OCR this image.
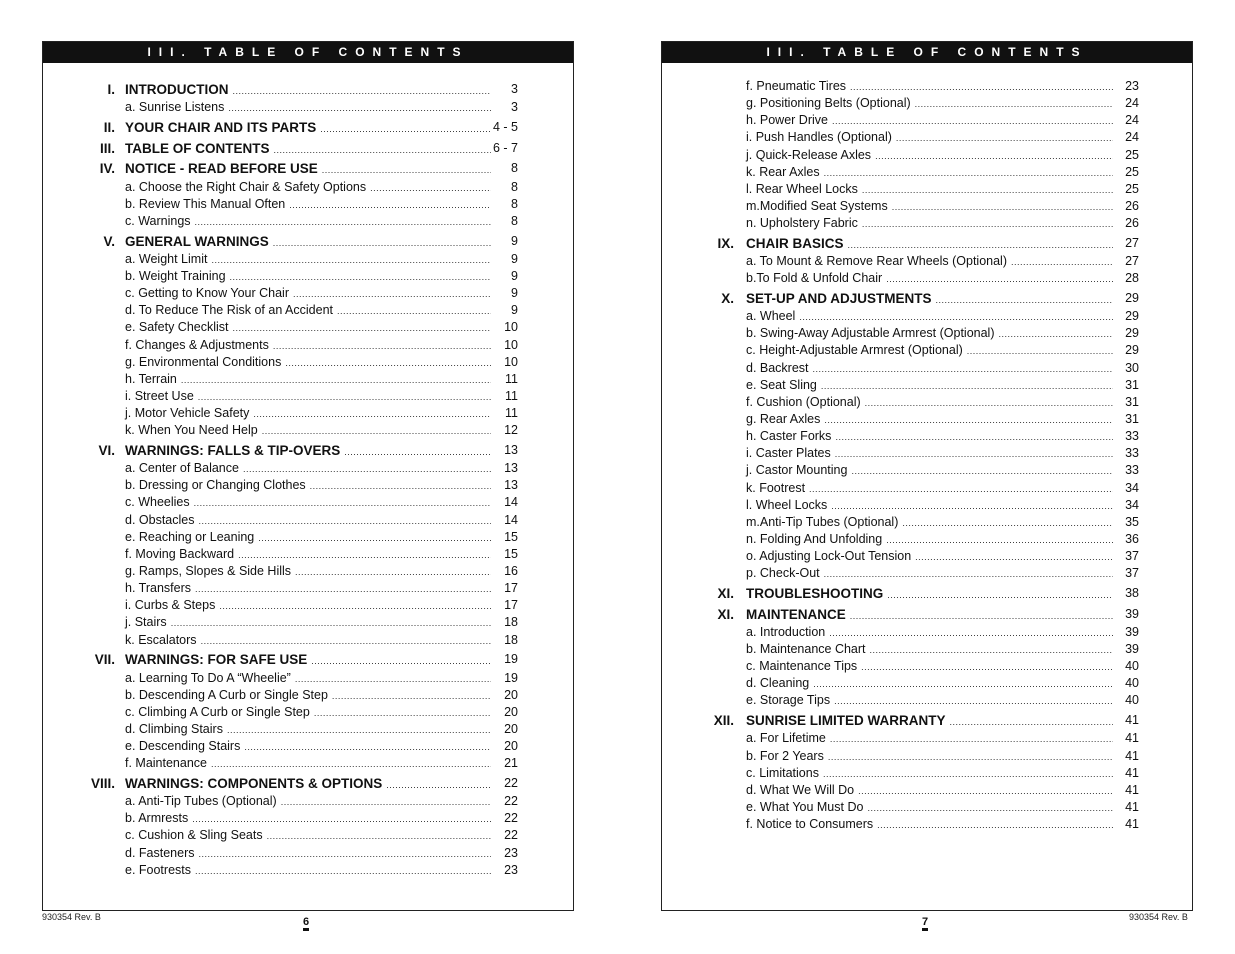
III. TABLE OF CONTENTS
I. INTRODUCTION .....	3
a. Sunrise Listens .....	3
II. YOUR CHAIR AND ITS PARTS .....	4 - 5
III. TABLE OF CONTENTS .....	6 - 7
IV. NOTICE - READ BEFORE USE .....	8
a. Choose the Right Chair & Safety Options .....	8
b. Review This Manual Often .....	8
c. Warnings .....	8
V. GENERAL WARNINGS .....	9
a. Weight Limit .....	9
b. Weight Training .....	9
c. Getting to Know Your Chair .....	9
d. To Reduce The Risk of an Accident .....	9
e. Safety Checklist .....	10
f. Changes & Adjustments .....	10
g. Environmental Conditions .....	10
h. Terrain .....	11
i. Street Use .....	11
j. Motor Vehicle Safety .....	11
k. When You Need Help .....	12
VI. WARNINGS: FALLS & TIP-OVERS .....	13
a. Center of Balance .....	13
b. Dressing or Changing Clothes .....	13
c. Wheelies .....	14
d. Obstacles .....	14
e. Reaching or Leaning .....	15
f. Moving Backward .....	15
g. Ramps, Slopes & Side Hills .....	16
h. Transfers .....	17
i. Curbs & Steps .....	17
j. Stairs .....	18
k. Escalators .....	18
VII. WARNINGS: FOR SAFE USE .....	19
a. Learning To Do A “Wheelie” .....	19
b. Descending A Curb or Single Step .....	20
c. Climbing A Curb or Single Step .....	20
d. Climbing Stairs .....	20
e. Descending Stairs .....	20
f. Maintenance .....	21
VIII. WARNINGS: COMPONENTS & OPTIONS .....	22
a. Anti-Tip Tubes (Optional) .....	22
b. Armrests .....	22
c. Cushion & Sling Seats .....	22
d. Fasteners .....	23
e. Footrests .....	23
III. TABLE OF CONTENTS
f. Pneumatic Tires .....	23
g. Positioning Belts (Optional) .....	24
h. Power Drive .....	24
i. Push Handles (Optional) .....	24
j. Quick-Release Axles .....	25
k. Rear Axles .....	25
l. Rear Wheel Locks .....	25
m.Modified Seat Systems .....	26
n. Upholstery Fabric .....	26
IX. CHAIR BASICS .....	27
a. To Mount & Remove Rear Wheels (Optional) .....	27
b.To Fold & Unfold Chair .....	28
X. SET-UP AND ADJUSTMENTS .....	29
a. Wheel .....	29
b. Swing-Away Adjustable Armrest (Optional) .....	29
c. Height-Adjustable Armrest (Optional) .....	29
d. Backrest .....	30
e. Seat Sling .....	31
f. Cushion (Optional) .....	31
g. Rear Axles .....	31
h. Caster Forks .....	33
i. Caster Plates .....	33
j. Castor Mounting .....	33
k. Footrest .....	34
l. Wheel Locks .....	34
m.Anti-Tip Tubes (Optional) .....	35
n. Folding And Unfolding .....	36
o. Adjusting Lock-Out Tension .....	37
p. Check-Out .....	37
XI. TROUBLESHOOTING .....	38
XI. MAINTENANCE .....	39
a. Introduction .....	39
b. Maintenance Chart .....	39
c. Maintenance Tips .....	40
d. Cleaning .....	40
e. Storage Tips .....	40
XII. SUNRISE LIMITED WARRANTY .....	41
a. For Lifetime .....	41
b. For 2 Years .....	41
c. Limitations .....	41
d. What We Will Do .....	41
e. What You Must Do .....	41
f. Notice to Consumers .....	41
930354 Rev. B	6	7	930354 Rev. B
